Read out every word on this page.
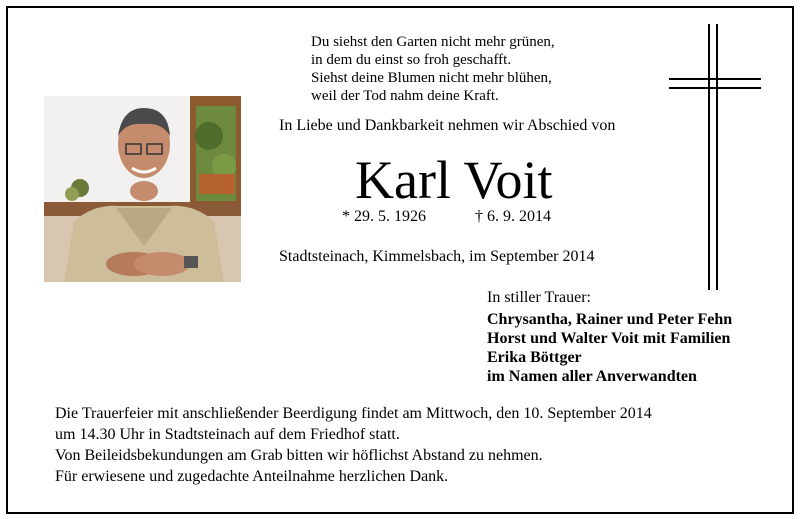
Du siehst den Garten nicht mehr grünen,
in dem du einst so froh geschafft.
Siehst deine Blumen nicht mehr blühen,
weil der Tod nahm deine Kraft.
In Liebe und Dankbarkeit nehmen wir Abschied von
Karl Voit
* 29. 5. 1926	† 6. 9. 2014
Stadtsteinach, Kimmelsbach, im September 2014
In stiller Trauer:
Chrysantha, Rainer und Peter Fehn
Horst und Walter Voit mit Familien
Erika Böttger
im Namen aller Anverwandten
Die Trauerfeier mit anschließender Beerdigung findet am Mittwoch, den 10. September 2014
um 14.30 Uhr in Stadtsteinach auf dem Friedhof statt.
Von Beileidsbekundungen am Grab bitten wir höflichst Abstand zu nehmen.
Für erwiesene und zugedachte Anteilnahme herzlichen Dank.
